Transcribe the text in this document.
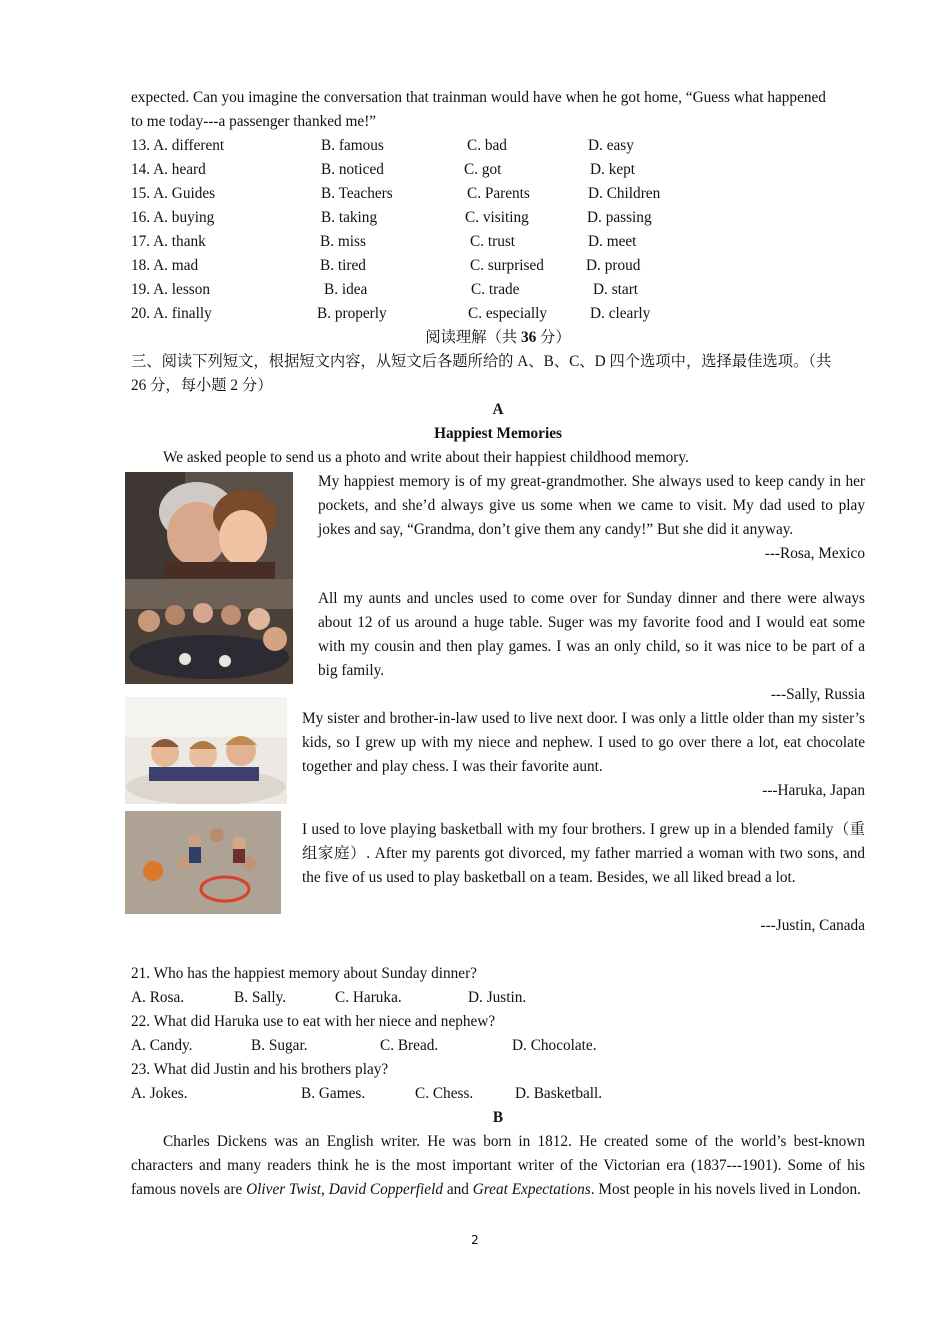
expected. Can you imagine the conversation that trainman would have when he got home, “Guess what happened
to me today---a passenger thanked me!”
13. A. different	B. famous	C. bad	D. easy
14. A. heard	B. noticed	C. got	D. kept
15. A. Guides	B. Teachers	C. Parents	D. Children
16. A. buying	B. taking	C. visiting	D. passing
17. A. thank	B. miss	C. trust	D. meet
18. A. mad	B. tired	C. surprised	D. proud
19. A. lesson	B. idea	C. trade	D. start
20. A. finally	B. properly	C. especially	D. clearly
阅读理解（共 36 分）
三、阅读下列短文，根据短文内容，从短文后各题所给的 A、B、C、D 四个选项中，选择最佳选项。（共
26 分，每小题 2 分）
A
Happiest Memories
We asked people to send us a photo and write about their happiest childhood memory.
My happiest memory is of my great-grandmother. She always used to keep candy in her pockets, and she’d always give us some when we came to visit. My dad used to play jokes and say, “Grandma, don’t give them any candy!” But she did it anyway.
---Rosa, Mexico
All my aunts and uncles used to come over for Sunday dinner and there were always about 12 of us around a huge table. Suger was my favorite food and I would eat some with my cousin and then play games. I was an only child, so it was nice to be part of a big family.
---Sally, Russia
My sister and brother-in-law used to live next door. I was only a little older than my sister’s kids, so I grew up with my niece and nephew. I used to go over there a lot, eat chocolate together and play chess. I was their favorite aunt.
---Haruka, Japan
I used to love playing basketball with my four brothers. I grew up in a blended family（重组家庭）. After my parents got divorced, my father married a woman with two sons, and the five of us used to play basketball on a team. Besides, we all liked bread a lot.
---Justin, Canada
21. Who has the happiest memory about Sunday dinner?
A. Rosa.	B. Sally.	C. Haruka.	D. Justin.
22. What did Haruka use to eat with her niece and nephew?
A. Candy.	B. Sugar.	C. Bread.	D. Chocolate.
23. What did Justin and his brothers play?
A. Jokes.	B. Games.	C. Chess.	D. Basketball.
B
Charles Dickens was an English writer. He was born in 1812. He created some of the world’s best-known characters and many readers think he is the most important writer of the Victorian era (1837---1901). Some of his famous novels are Oliver Twist, David Copperfield and Great Expectations. Most people in his novels lived in London.
2
